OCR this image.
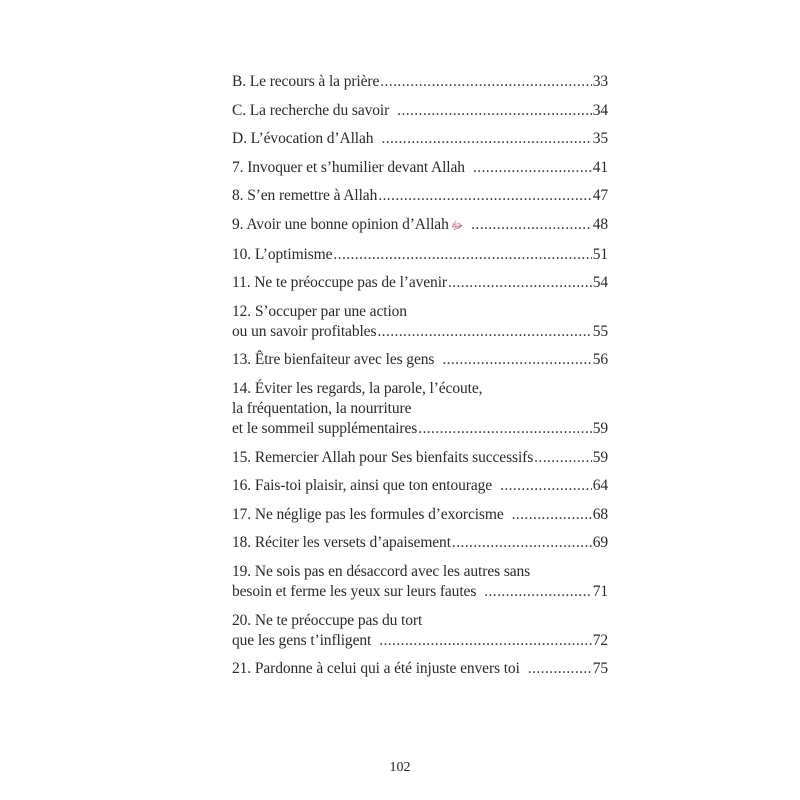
B. Le recours à la prière .....	33
C. La recherche du savoir .....	34
D. L’évocation d’Allah .....	35
7. Invoquer et s’humilier devant Allah .....	41
8. S’en remettre à Allah .....	47
9. Avoir une bonne opinion d’Allah ﷻ .....	48
10. L’optimisme .....	51
11. Ne te préoccupe pas de l’avenir .....	54
12. S’occuper par une action
ou un savoir profitables .....	55
13. Être bienfaiteur avec les gens .....	56
14. Éviter les regards, la parole, l’écoute,
la fréquentation, la nourriture
et le sommeil supplémentaires .....	59
15. Remercier Allah pour Ses bienfaits successifs .....	59
16. Fais-toi plaisir, ainsi que ton entourage .....	64
17. Ne néglige pas les formules d’exorcisme .....	68
18. Réciter les versets d’apaisement .....	69
19. Ne sois pas en désaccord avec les autres sans
besoin et ferme les yeux sur leurs fautes .....	71
20. Ne te préoccupe pas du tort
que les gens t’infligent .....	72
21. Pardonne à celui qui a été injuste envers toi .....	75
102
